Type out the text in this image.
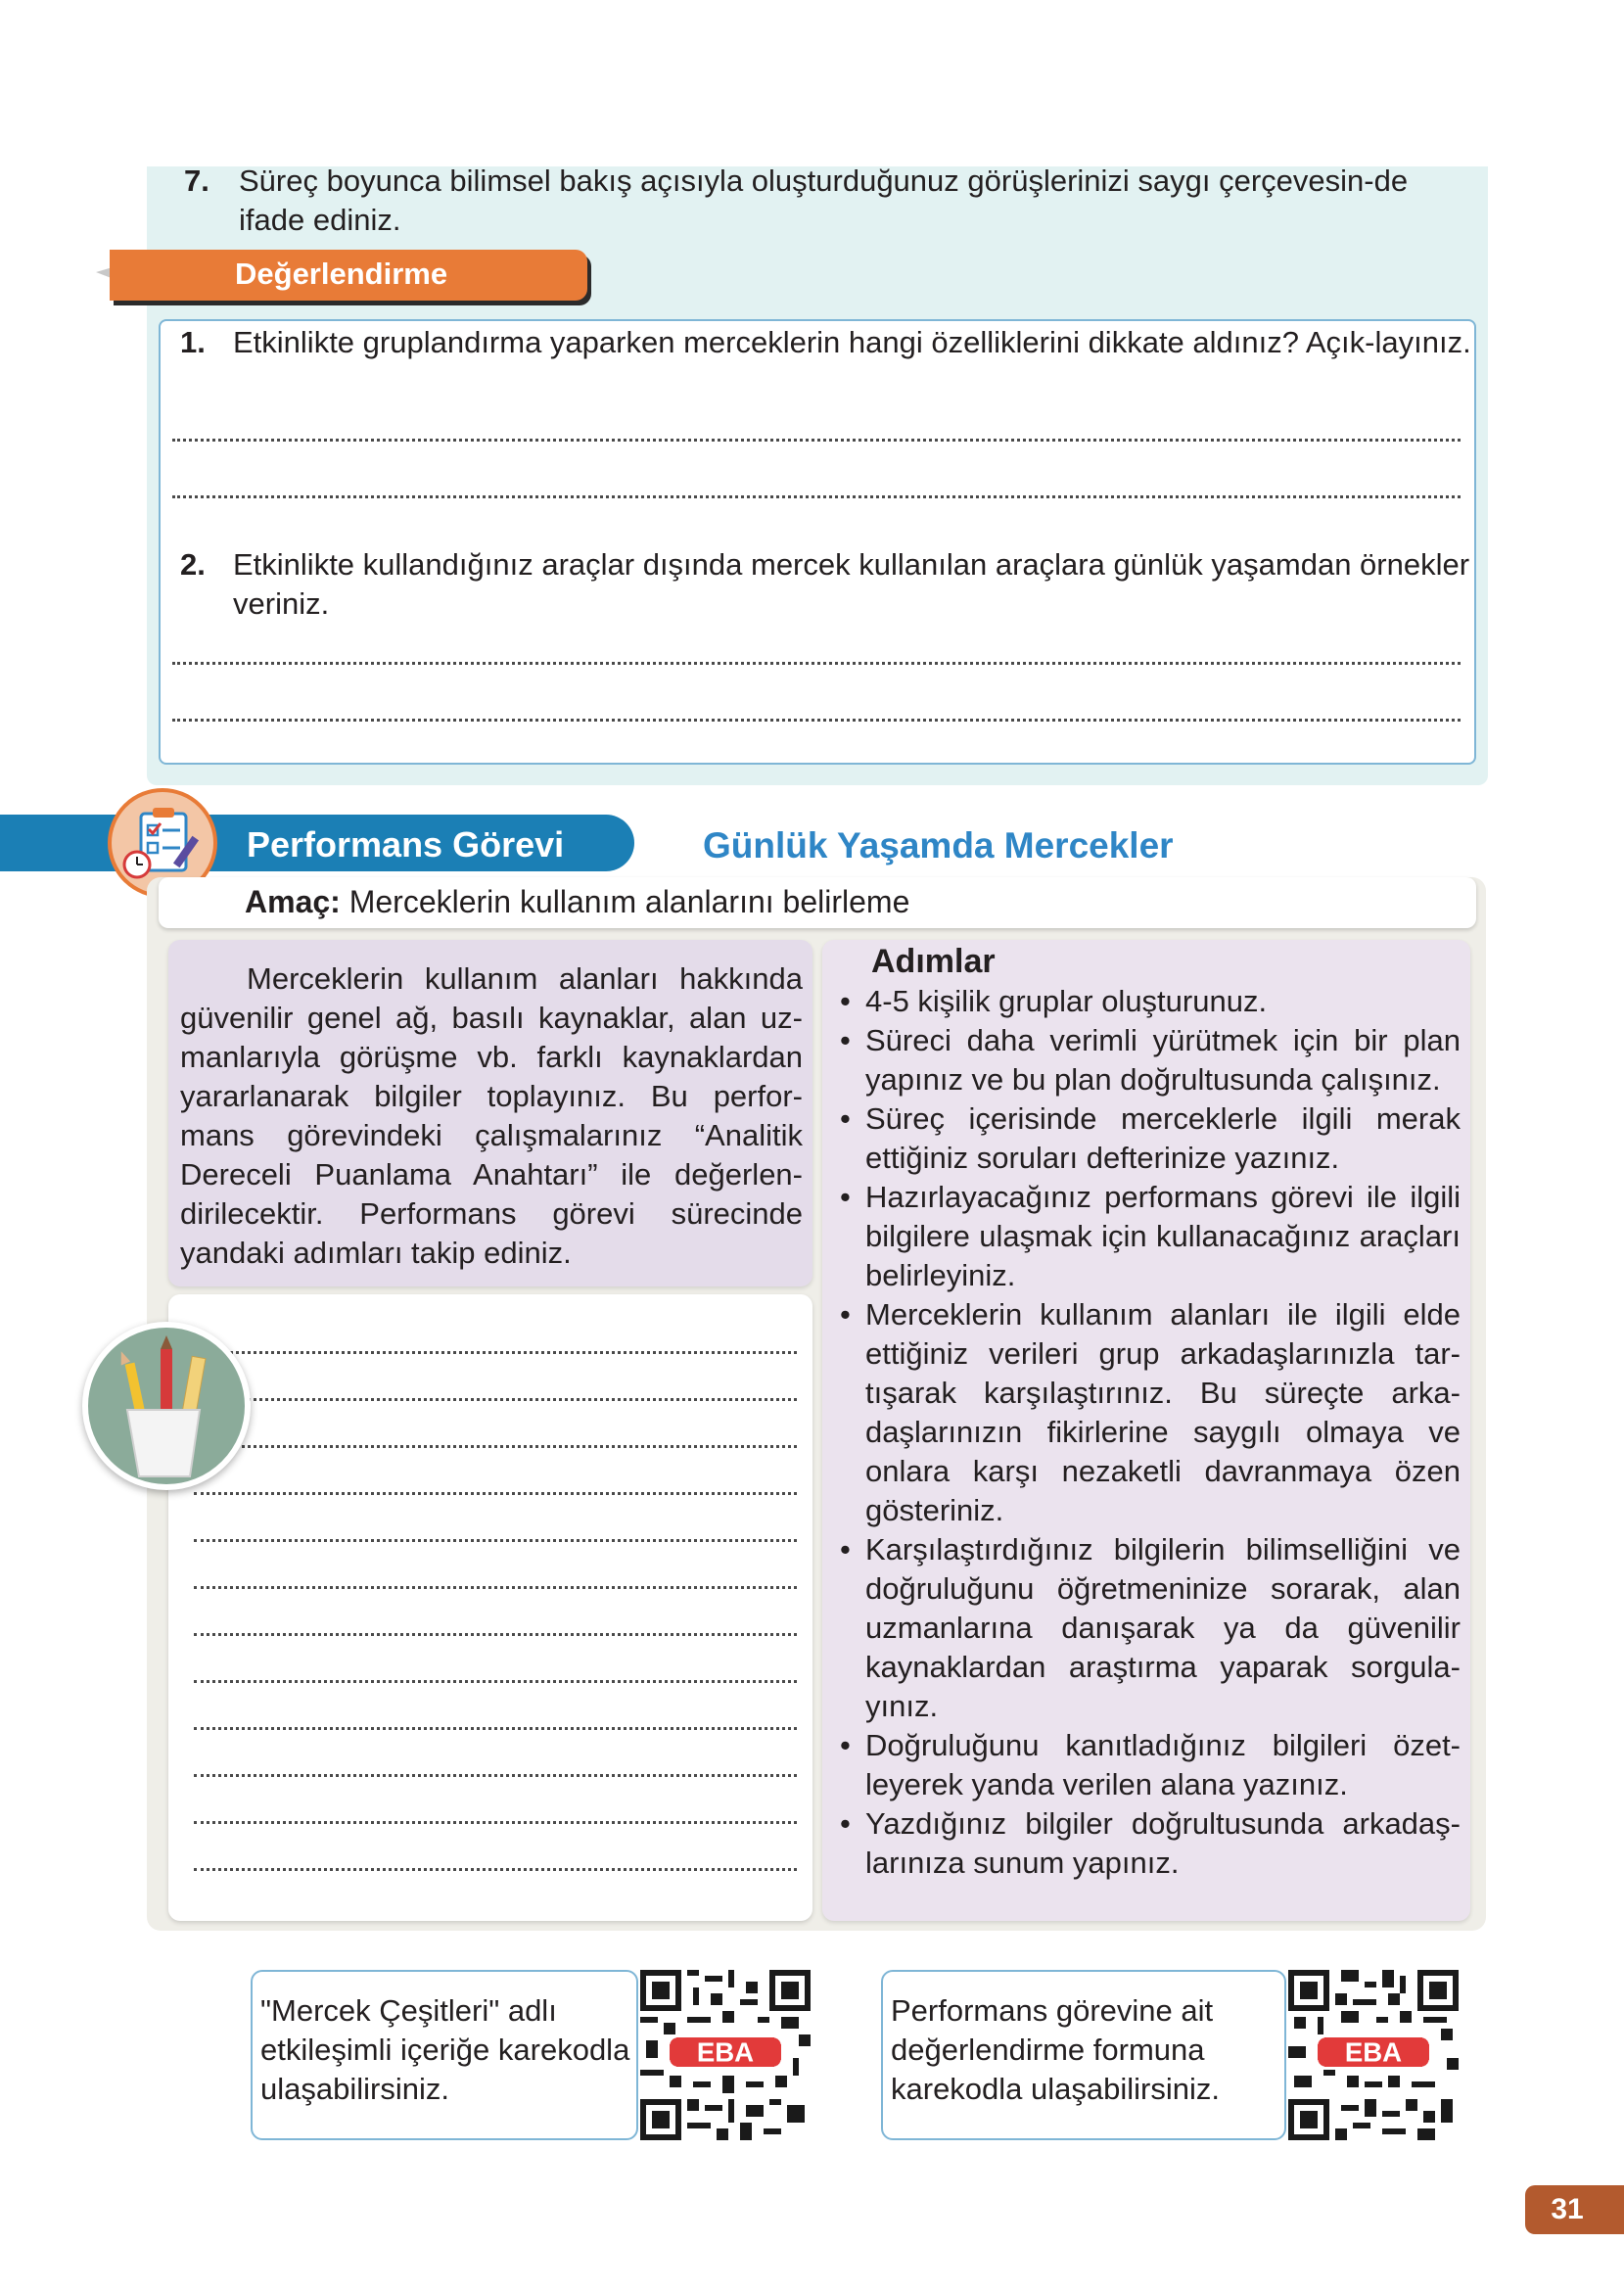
7. Süreç boyunca bilimsel bakış açısıyla oluşturduğunuz görüşlerinizi saygı çerçevesin-de ifade ediniz.
Değerlendirme
1. Etkinlikte gruplandırma yaparken merceklerin hangi özelliklerini dikkate aldınız? Açık-layınız.
2. Etkinlikte kullandığınız araçlar dışında mercek kullanılan araçlara günlük yaşamdan örnekler veriniz.
Performans Görevi	Günlük Yaşamda Mercekler
Amaç: Merceklerin kullanım alanlarını belirleme
Merceklerin kullanım alanları hakkında güvenilir genel ağ, basılı kaynaklar, alan uz-manlarıyla görüşme vb. farklı kaynaklardan yararlanarak bilgiler toplayınız. Bu perfor-mans görevindeki çalışmalarınız “Analitik Dereceli Puanlama Anahtarı” ile değerlen-dirilecektir. Performans görevi sürecinde yandaki adımları takip ediniz.
Adımlar
• 4-5 kişilik gruplar oluşturunuz.
• Süreci daha verimli yürütmek için bir plan yapınız ve bu plan doğrultusunda çalışınız.
• Süreç içerisinde merceklerle ilgili merak ettiğiniz soruları defterinize yazınız.
• Hazırlayacağınız performans görevi ile ilgili bilgilere ulaşmak için kullanacağınız araçları belirleyiniz.
• Merceklerin kullanım alanları ile ilgili elde ettiğiniz verileri grup arkadaşlarınızla tar-tışarak karşılaştırınız. Bu süreçte arka-daşlarınızın fikirlerine saygılı olmaya ve onlara karşı nezaketli davranmaya özen gösteriniz.
• Karşılaştırdığınız bilgilerin bilimselliğini ve doğruluğunu öğretmeninize sorarak, alan uzmanlarına danışarak ya da güvenilir kaynaklardan araştırma yaparak sorgula-yınız.
• Doğruluğunu kanıtladığınız bilgileri özet-leyerek yanda verilen alana yazınız.
• Yazdığınız bilgiler doğrultusunda arkadaş-larınıza sunum yapınız.
"Mercek Çeşitleri" adlı etkileşimli içeriğe karekodla ulaşabilirsiniz.
EBA
Performans görevine ait değerlendirme formuna karekodla ulaşabilirsiniz.
EBA
31
